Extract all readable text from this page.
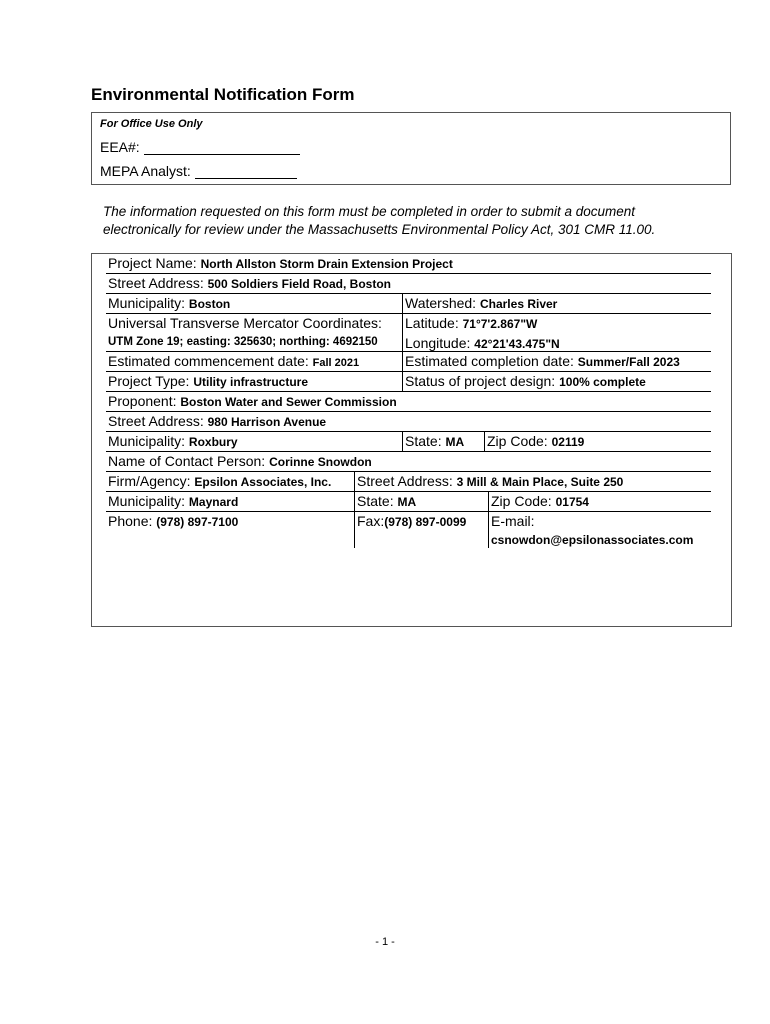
Environmental Notification Form
For Office Use Only
EEA#:
MEPA Analyst:
The information requested on this form must be completed in order to submit a document electronically for review under the Massachusetts Environmental Policy Act, 301 CMR 11.00.
Project Name: North Allston Storm Drain Extension Project
Street Address: 500 Soldiers Field Road, Boston
Municipality: Boston	Watershed: Charles River
Universal Transverse Mercator Coordinates:
UTM Zone 19; easting: 325630; northing: 4692150
Latitude: 71°7'2.867"W
Longitude: 42°21'43.475"N
Estimated commencement date: Fall 2021	Estimated completion date: Summer/Fall 2023
Project Type: Utility infrastructure	Status of project design: 100% complete
Proponent: Boston Water and Sewer Commission
Street Address: 980 Harrison Avenue
Municipality: Roxbury	State: MA	Zip Code: 02119
Name of Contact Person: Corinne Snowdon
Firm/Agency: Epsilon Associates, Inc.	Street Address: 3 Mill & Main Place, Suite 250
Municipality: Maynard	State: MA	Zip Code: 01754
Phone: (978) 897-7100	Fax:(978) 897-0099	E-mail:
csnowdon@epsilonassociates.com
- 1 -
